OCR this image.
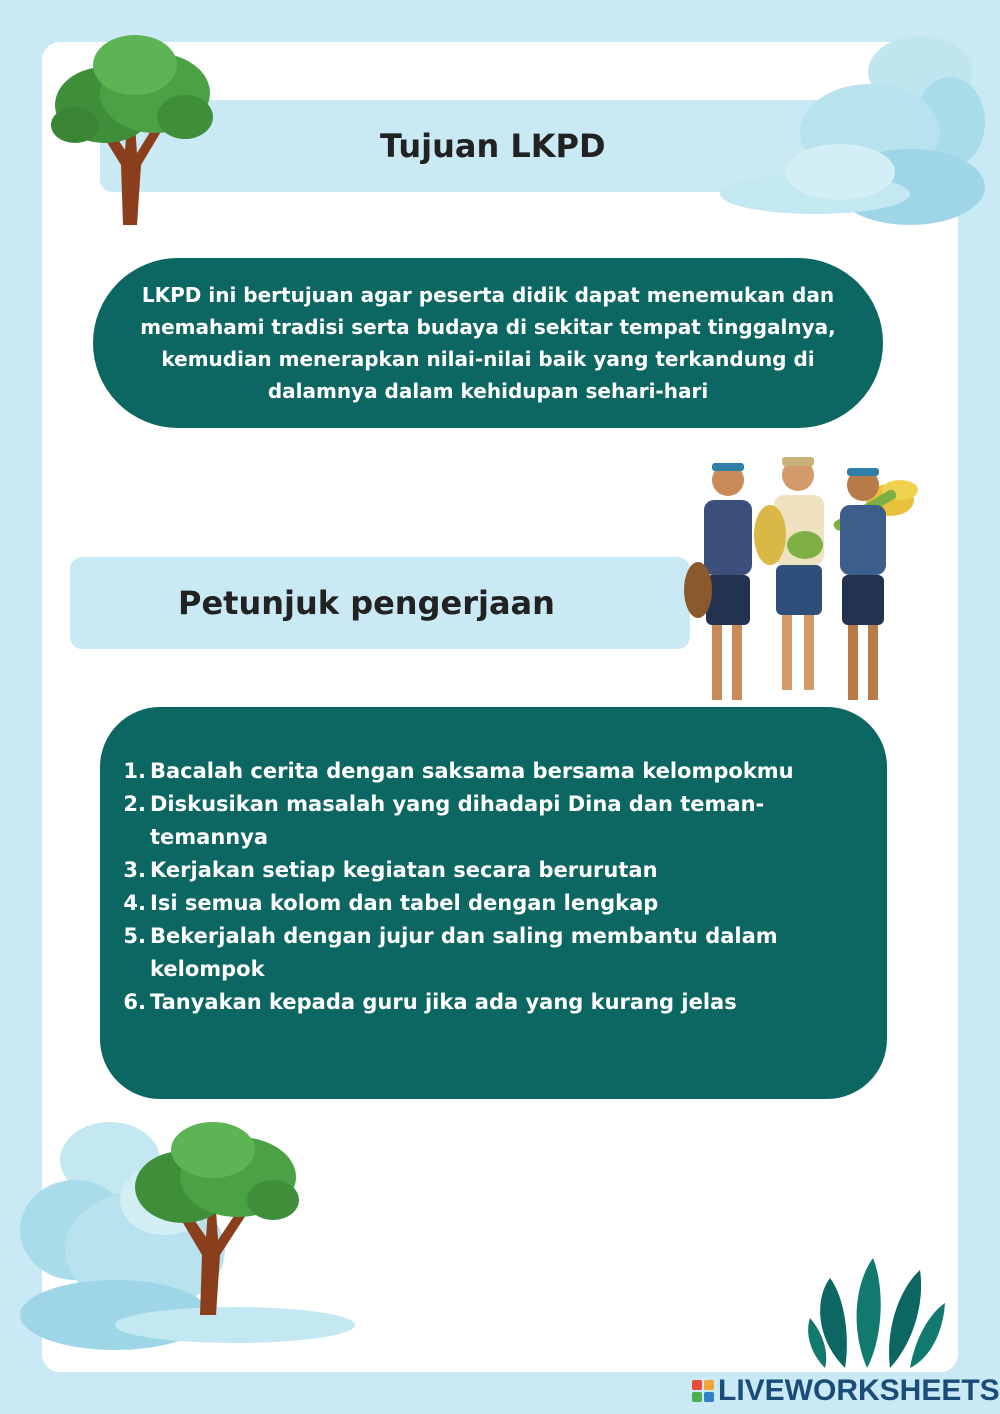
Tujuan LKPD

LKPD ini bertujuan agar peserta didik dapat menemukan dan memahami tradisi serta budaya di sekitar tempat tinggalnya, kemudian menerapkan nilai-nilai baik yang terkandung di dalamnya dalam kehidupan sehari-hari

Petunjuk pengerjaan
1. Bacalah cerita dengan saksama bersama kelompokmu
2. Diskusikan masalah yang dihadapi Dina dan teman-temannya
3. Kerjakan setiap kegiatan secara berurutan
4. Isi semua kolom dan tabel dengan lengkap
5. Bekerjalah dengan jujur dan saling membantu dalam kelompok
6. Tanyakan kepada guru jika ada yang kurang jelas
LIVEWORKSHEETS
